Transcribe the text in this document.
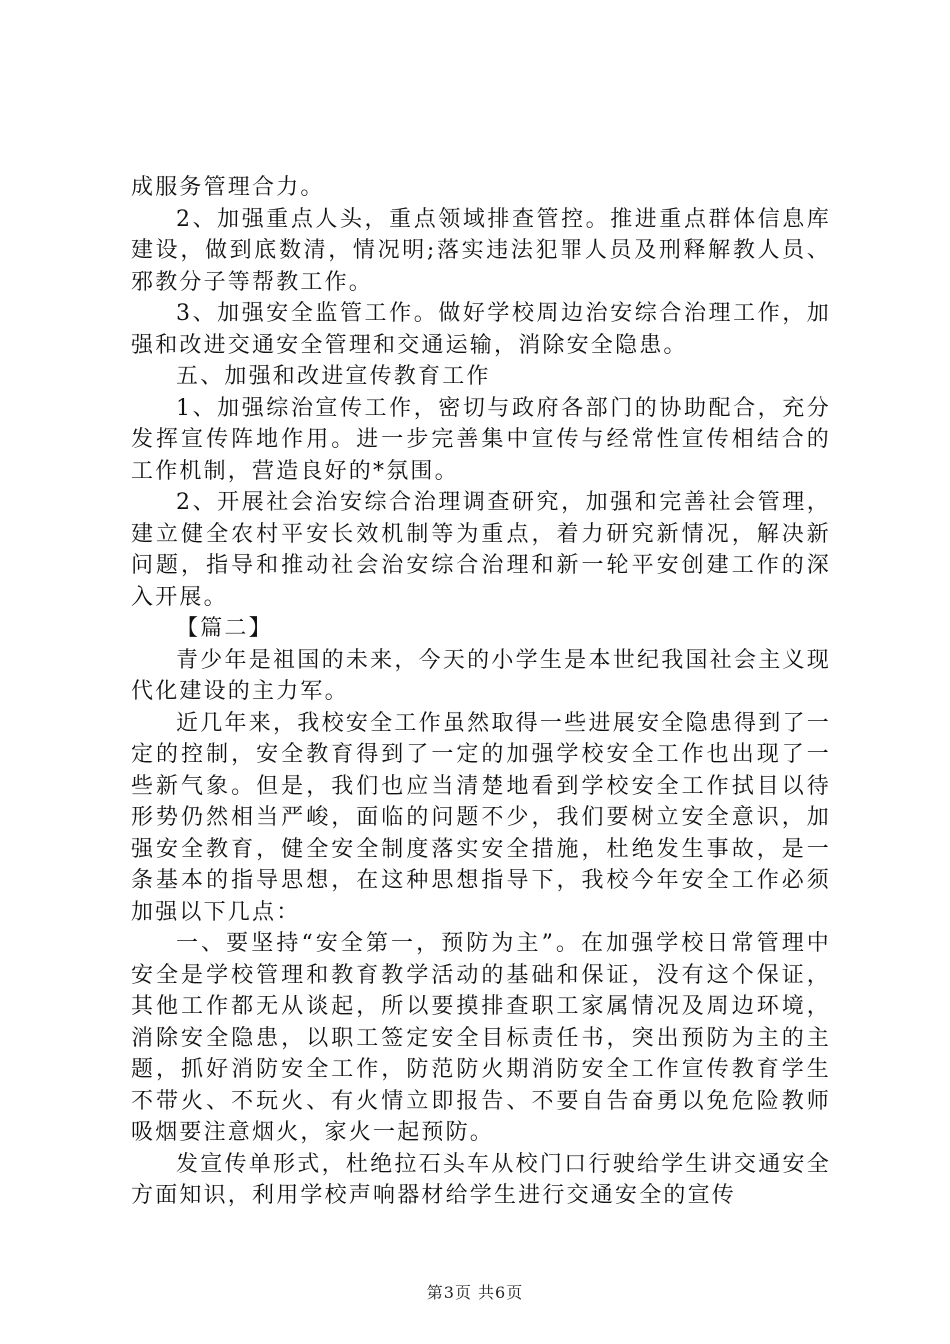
成服务管理合力。

2、加强重点人头，重点领域排查管控。推进重点群体信息库建设，做到底数清，情况明;落实违法犯罪人员及刑释解教人员、邪教分子等帮教工作。

3、加强安全监管工作。做好学校周边治安综合治理工作，加强和改进交通安全管理和交通运输，消除安全隐患。

五、加强和改进宣传教育工作

1、加强综治宣传工作，密切与政府各部门的协助配合，充分发挥宣传阵地作用。进一步完善集中宣传与经常性宣传相结合的工作机制，营造良好的*氛围。

2、开展社会治安综合治理调查研究，加强和完善社会管理，建立健全农村平安长效机制等为重点，着力研究新情况，解决新问题，指导和推动社会治安综合治理和新一轮平安创建工作的深入开展。

【篇二】

青少年是祖国的未来，今天的小学生是本世纪我国社会主义现代化建设的主力军。

近几年来，我校安全工作虽然取得一些进展安全隐患得到了一定的控制，安全教育得到了一定的加强学校安全工作也出现了一些新气象。但是，我们也应当清楚地看到学校安全工作拭目以待形势仍然相当严峻，面临的问题不少，我们要树立安全意识，加强安全教育，健全安全制度落实安全措施，杜绝发生事故，是一条基本的指导思想，在这种思想指导下，我校今年安全工作必须加强以下几点：

一、要坚持“安全第一，预防为主”。在加强学校日常管理中安全是学校管理和教育教学活动的基础和保证，没有这个保证，其他工作都无从谈起，所以要摸排查职工家属情况及周边环境，消除安全隐患，以职工签定安全目标责任书，突出预防为主的主题，抓好消防安全工作，防范防火期消防安全工作宣传教育学生不带火、不玩火、有火情立即报告、不要自告奋勇以免危险教师吸烟要注意烟火，家火一起预防。

发宣传单形式，杜绝拉石头车从校门口行驶给学生讲交通安全方面知识，利用学校声响器材给学生进行交通安全的宣传

第3页 共6页
